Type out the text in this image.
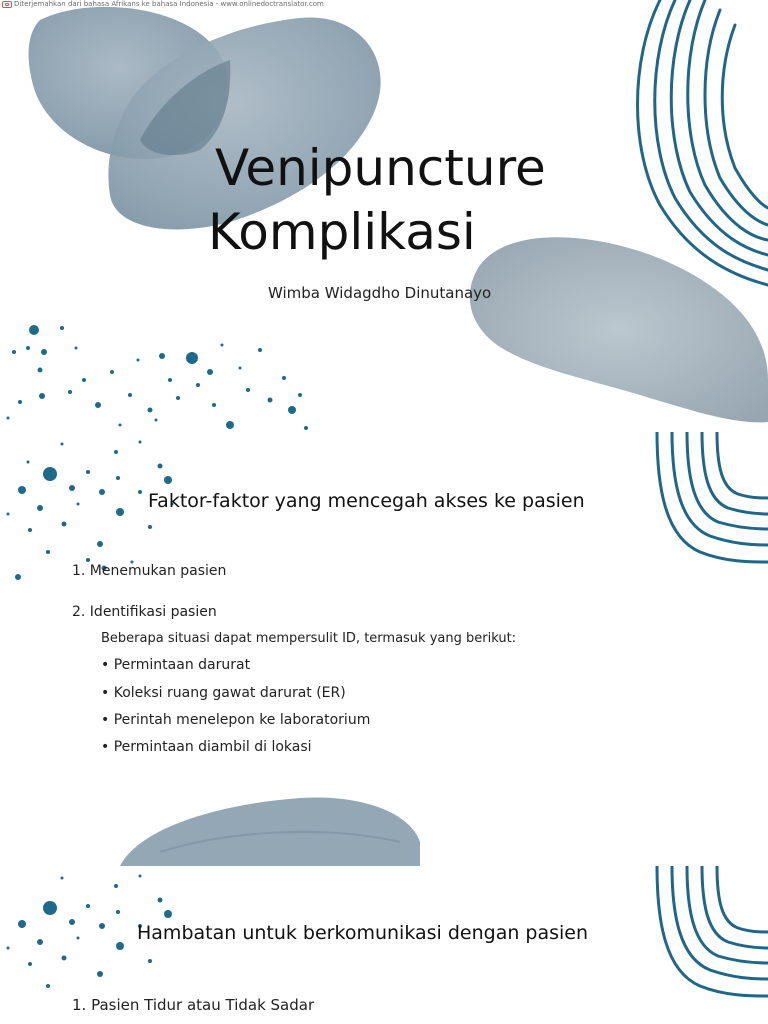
Diterjemahkan dari bahasa Afrikans ke bahasa Indonesia - www.onlinedoctranslator.com
Venipuncture
Komplikasi
Wimba Widagdho Dinutanayo
Faktor-faktor yang mencegah akses ke pasien
1. Menemukan pasien
2. Identifikasi pasien
Beberapa situasi dapat mempersulit ID, termasuk yang berikut:
• Permintaan darurat
• Koleksi ruang gawat darurat (ER)
• Perintah menelepon ke laboratorium
• Permintaan diambil di lokasi
Hambatan untuk berkomunikasi dengan pasien
1. Pasien Tidur atau Tidak Sadar
